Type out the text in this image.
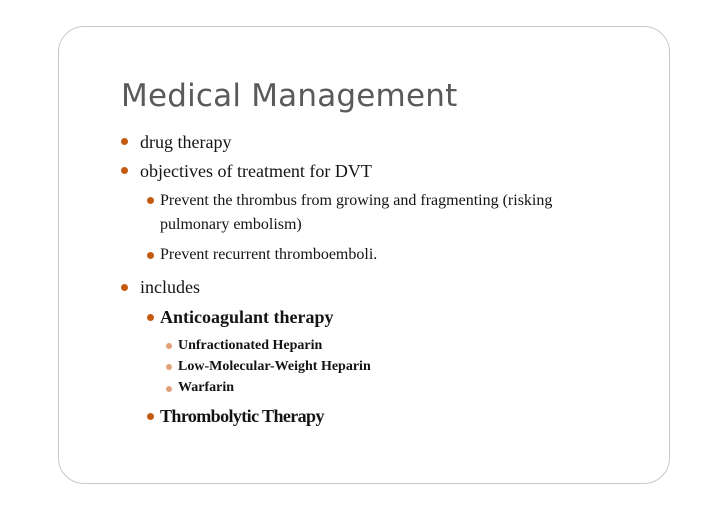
Medical Management
drug therapy
objectives of treatment for DVT
Prevent the thrombus from growing and fragmenting (risking
pulmonary embolism)
Prevent recurrent thromboemboli.
includes
Anticoagulant therapy
Unfractionated Heparin
Low-Molecular-Weight Heparin
Warfarin
Thrombolytic Therapy
